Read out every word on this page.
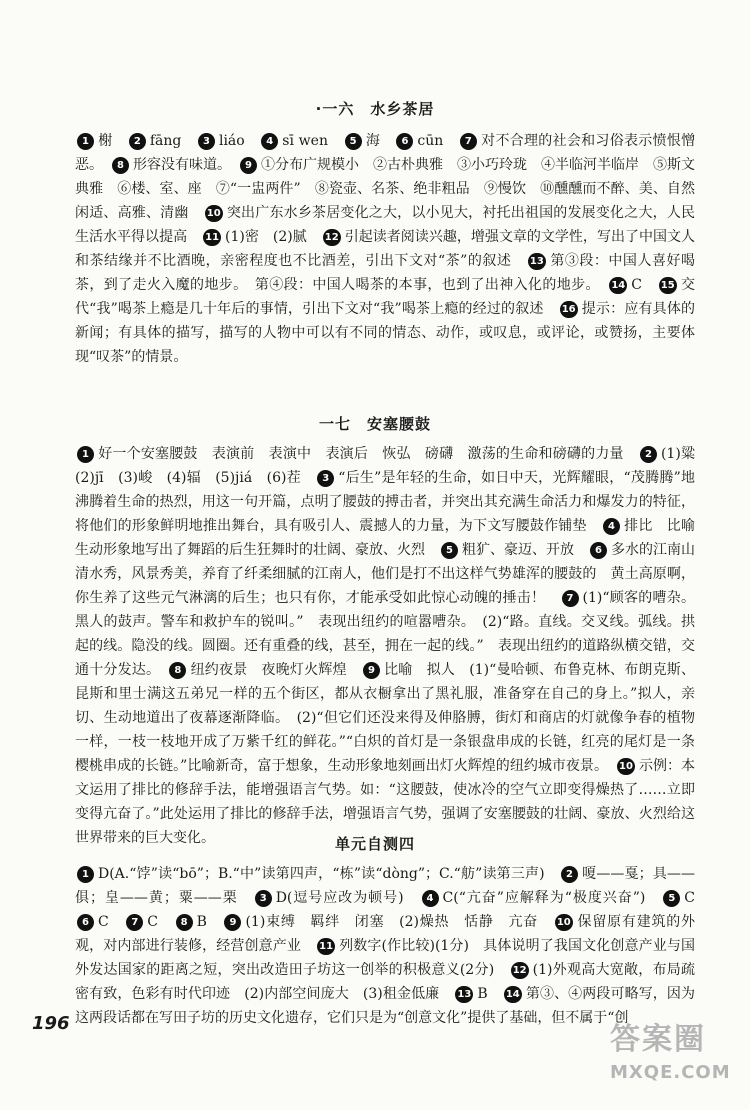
·一六　水乡茶居
1 榭　 2 fāng　 3 liáo　 4 sī wen　 5 海　 6 cūn　 7 对不合理的社会和习俗表示愤恨憎恶。　 8 形容没有味道。　 9 ①分布广规模小　②古朴典雅　③小巧玲珑　④半临河半临岸　⑤斯文典雅　⑥楼、室、座　⑦“一盅两件”　⑧瓷壶、名茶、绝非粗品　⑨慢饮　⑩醺醺而不醉、美、自然闲适、高雅、清幽　 10 突出广东水乡茶居变化之大，以小见大，衬托出祖国的发展变化之大，人民生活水平得以提高　 11 (1)密　(2)腻　 12 引起读者阅读兴趣，增强文章的文学性，写出了中国文人和茶结缘并不比酒晚，亲密程度也不比酒差，引出下文对“茶”的叙述　 13 第③段：中国人喜好喝茶，到了走火入魔的地步。　第④段：中国人喝茶的本事，也到了出神入化的地步。　 14 C　 15 交代“我”喝茶上瘾是几十年后的事情，引出下文对“我”喝茶上瘾的经过的叙述　 16 提示：应有具体的新闻；有具体的描写，描写的人物中可以有不同的情态、动作，或叹息，或评论，或赞扬，主要体现“叹茶”的情景。　
一七　安塞腰鼓
1 好一个安塞腰鼓　表演前　表演中　表演后　恢弘　磅礴　激荡的生命和磅礴的力量　 2 (1)粱　(2)jī　(3)峻　(4)辐　(5)jiá　(6)茬　 3 “后生”是年轻的生命，如日中天，光辉耀眼，“茂腾腾”地沸腾着生命的热烈，用这一句开篇，点明了腰鼓的搏击者，并突出其充满生命活力和爆发力的特征，将他们的形象鲜明地推出舞台，具有吸引人、震撼人的力量，为下文写腰鼓作铺垫　 4 排比　比喻　生动形象地写出了舞蹈的后生狂舞时的壮阔、豪放、火烈　 5 粗犷、豪迈、开放　 6 多水的江南山清水秀，风景秀美，养育了纤柔细腻的江南人，他们是打不出这样气势雄浑的腰鼓的　黄土高原啊，你生养了这些元气淋漓的后生；也只有你，才能承受如此惊心动魄的捶击！　 7 (1)“顾客的嘈杂。黑人的鼓声。警车和救护车的锐叫。”　表现出纽约的喧嚣嘈杂。　(2)“路。直线。交叉线。弧线。拱起的线。隐没的线。圆圈。还有重叠的线，甚至，拥在一起的线。”　表现出纽约的道路纵横交错，交通十分发达。　 8 纽约夜景　夜晚灯火辉煌　 9 比喻　拟人　(1)“曼哈顿、布鲁克林、布朗克斯、昆斯和里士满这五弟兄一样的五个街区，都从衣橱拿出了黑礼服，准备穿在自己的身上。”拟人，亲切、生动地道出了夜幕逐渐降临。　(2)“但它们还没来得及伸胳膊，街灯和商店的灯就像争春的植物一样，一枝一枝地开成了万紫千红的鲜花。”“白炽的首灯是一条银盘串成的长链，红亮的尾灯是一条樱桃串成的长链。”比喻新奇，富于想象，生动形象地刻画出灯火辉煌的纽约城市夜景。　 10 示例：本文运用了排比的修辞手法，能增强语言气势。如：“这腰鼓，使冰冷的空气立即变得燥热了……立即变得亢奋了。”此处运用了排比的修辞手法，增强语言气势，强调了安塞腰鼓的壮阔、豪放、火烈给这世界带来的巨大变化。　	单元自测四
1 D(A.“饽”读“bō”；B.“中”读第四声，“栋”读“dòng”；C.“舫”读第三声)　 2 嗄——戛；具——俱；皇——黄；粟——栗　 3 D(逗号应改为顿号)　 4 C(“亢奋”应解释为“极度兴奋”)　 5 C　6 C　 7 C　 8 B　 9 (1)束缚　羁绊　闭塞　(2)燥热　恬静　亢奋　 10 保留原有建筑的外观，对内部进行装修，经营创意产业　 11 列数字(作比较)(1分)　具体说明了我国文化创意产业与国外发达国家的距离之短，突出改造田子坊这一创举的积极意义(2分)　 12 (1)外观高大宽敞，布局疏密有致，色彩有时代印迹　(2)内部空间庞大　(3)租金低廉　 13 B　 14 第③、④两段可略写，因为这两段话都在写田子坊的历史文化遗存，它们只是为“创意文化”提供了基础，但不属于“创　
196	答案圈
MXQE.COM
